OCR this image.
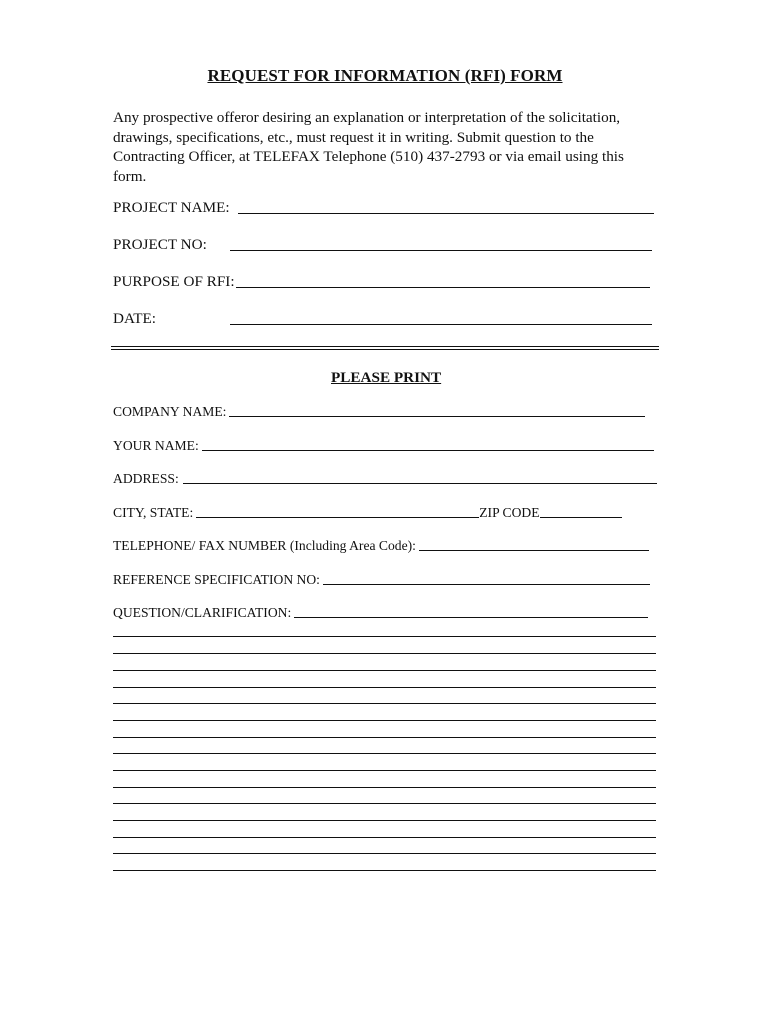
REQUEST FOR INFORMATION (RFI) FORM
Any prospective offeror desiring an explanation or interpretation of the solicitation, drawings, specifications, etc., must request it in writing. Submit question to the Contracting Officer, at TELEFAX Telephone (510) 437-2793 or via email using this form.
PROJECT NAME:
PROJECT NO:
PURPOSE OF RFI:
DATE:
PLEASE PRINT
COMPANY NAME:
YOUR NAME:
ADDRESS:
CITY, STATE:	ZIP CODE
TELEPHONE/ FAX NUMBER (Including Area Code):
REFERENCE SPECIFICATION NO:
QUESTION/CLARIFICATION:
